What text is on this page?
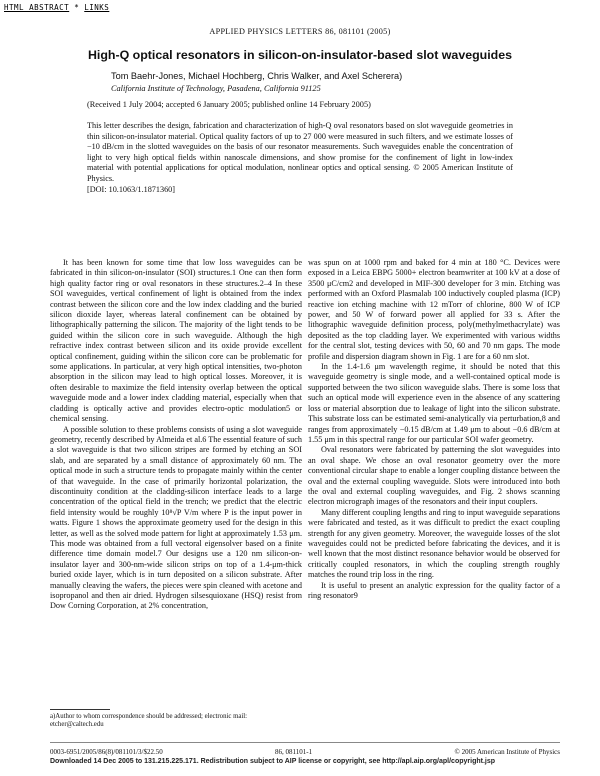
HTML ABSTRACT * LINKS
APPLIED PHYSICS LETTERS 86, 081101 (2005)
High-Q optical resonators in silicon-on-insulator-based slot waveguides
Tom Baehr-Jones, Michael Hochberg, Chris Walker, and Axel Scherera)
California Institute of Technology, Pasadena, California 91125
(Received 1 July 2004; accepted 6 January 2005; published online 14 February 2005)
This letter describes the design, fabrication and characterization of high-Q oval resonators based on slot waveguide geometries in thin silicon-on-insulator material. Optical quality factors of up to 27 000 were measured in such filters, and we estimate losses of −10 dB/cm in the slotted waveguides on the basis of our resonator measurements. Such waveguides enable the concentration of light to very high optical fields within nanoscale dimensions, and show promise for the confinement of light in low-index material with potential applications for optical modulation, nonlinear optics and optical sensing. © 2005 American Institute of Physics.
[DOI: 10.1063/1.1871360]

It has been known for some time that low loss waveguides can be fabricated in thin silicon-on-insulator (SOI) structures.1 One can then form high quality factor ring or oval resonators in these structures.2–4 In these SOI waveguides, vertical confinement of light is obtained from the index contrast between the silicon core and the low index cladding and the buried silicon dioxide layer, whereas lateral confinement can be obtained by lithographically patterning the silicon. The majority of the light tends to be guided within the silicon core in such waveguide. Although the high refractive index contrast between silicon and its oxide provide excellent optical confinement, guiding within the silicon core can be problematic for some applications. In particular, at very high optical intensities, two-photon absorption in the silicon may lead to high optical losses. Moreover, it is often desirable to maximize the field intensity overlap between the optical waveguide mode and a lower index cladding material, especially when that cladding is optically active and provides electro-optic modulation5 or chemical sensing.

A possible solution to these problems consists of using a slot waveguide geometry, recently described by Almeida et al.6 The essential feature of such a slot waveguide is that two silicon stripes are formed by etching an SOI slab, and are separated by a small distance of approximately 60 nm. The optical mode in such a structure tends to propagate mainly within the center of that waveguide. In the case of primarily horizontal polarization, the discontinuity condition at the cladding-silicon interface leads to a large concentration of the optical field in the trench; we predict that the electric field intensity would be roughly 10⁸√P V/m where P is the input power in watts. Figure 1 shows the approximate geometry used for the design in this letter, as well as the solved mode pattern for light at approximately 1.53 μm. This mode was obtained from a full vectoral eigensolver based on a finite difference time domain model.7 Our designs use a 120 nm silicon-on-insulator layer and 300-nm-wide silicon strips on top of a 1.4-μm-thick buried oxide layer, which is in turn deposited on a silicon substrate. After manually cleaving the wafers, the pieces were spin cleaned with acetone and isopropanol and then air dried. Hydrogen silsesquioxane (HSQ) resist from Dow Corning Corporation, at 2% concentration,

was spun on at 1000 rpm and baked for 4 min at 180 °C. Devices were exposed in a Leica EBPG 5000+ electron beamwriter at 100 kV at a dose of 3500 μC/cm2 and developed in MIF-300 developer for 3 min. Etching was performed with an Oxford Plasmalab 100 inductively coupled plasma (ICP) reactive ion etching machine with 12 mTorr of chlorine, 800 W of ICP power, and 50 W of forward power all applied for 33 s. After the lithographic waveguide definition process, poly(methylmethacrylate) was deposited as the top cladding layer. We experimented with various widths for the central slot, testing devices with 50, 60 and 70 nm gaps. The mode profile and dispersion diagram shown in Fig. 1 are for a 60 nm slot.

In the 1.4-1.6 μm wavelength regime, it should be noted that this waveguide geometry is single mode, and a well-contained optical mode is supported between the two silicon waveguide slabs. There is some loss that such an optical mode will experience even in the absence of any scattering loss or material absorption due to leakage of light into the silicon substrate. This substrate loss can be estimated semi-analytically via perturbation,8 and ranges from approximately −0.15 dB/cm at 1.49 μm to about −0.6 dB/cm at 1.55 μm in this spectral range for our particular SOI wafer geometry.

Oval resonators were fabricated by patterning the slot waveguides into an oval shape. We chose an oval resonator geometry over the more conventional circular shape to enable a longer coupling distance between the oval and the external coupling waveguide. Slots were introduced into both the oval and external coupling waveguides, and Fig. 2 shows scanning electron micrograph images of the resonators and their input couplers.

Many different coupling lengths and ring to input waveguide separations were fabricated and tested, as it was difficult to predict the exact coupling strength for any given geometry. Moreover, the waveguide losses of the slot waveguides could not be predicted before fabricating the devices, and it is well known that the most distinct resonance behavior would be observed for critically coupled resonators, in which the coupling strength roughly matches the round trip loss in the ring.

It is useful to present an analytic expression for the quality factor of a ring resonator9

a)Author to whom correspondence should be addressed; electronic mail: etcher@caltech.edu
0003-6951/2005/86(8)/081101/3/$22.50	86, 081101-1	© 2005 American Institute of Physics
Downloaded 14 Dec 2005 to 131.215.225.171. Redistribution subject to AIP license or copyright, see http://apl.aip.org/apl/copyright.jsp
